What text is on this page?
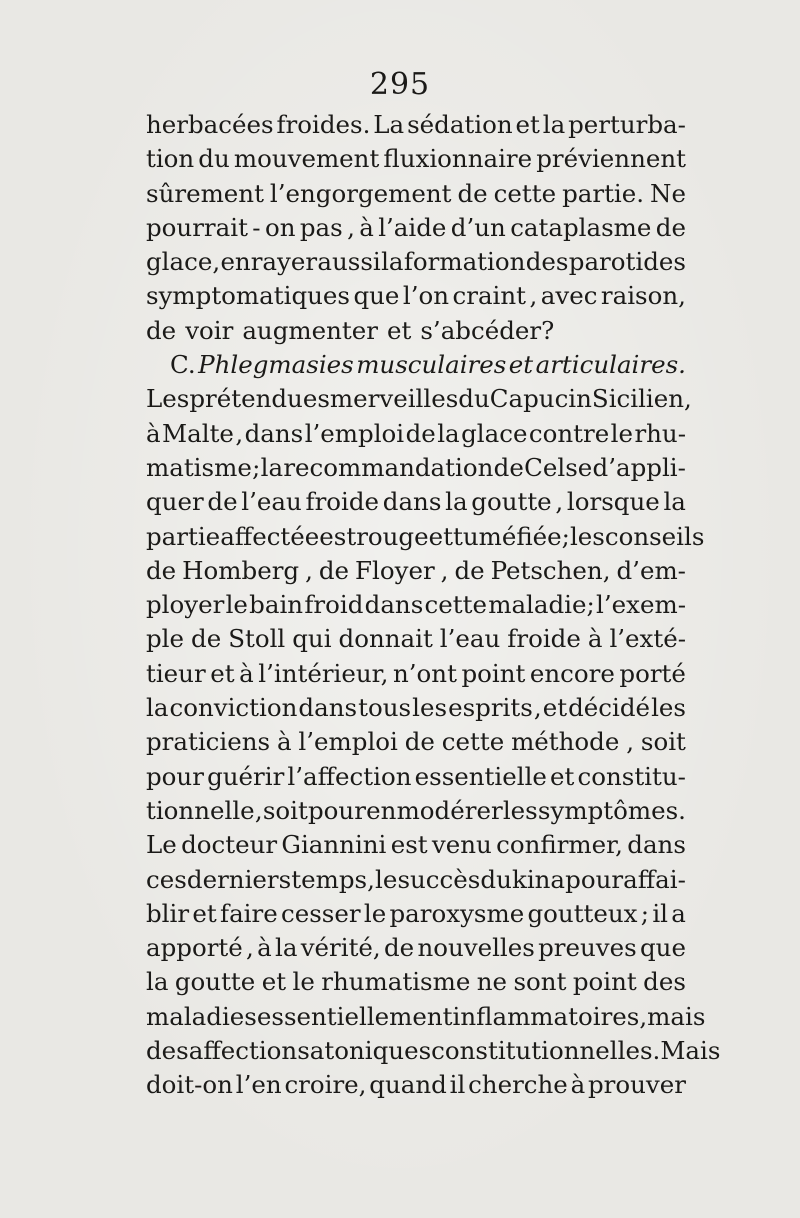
295
herbacées froides. La sédation et la perturba-
tion du mouvement fluxionnaire préviennent
sûrement l’engorgement de cette partie. Ne
pourrait - on pas , à l’aide d’un cataplasme de
glace, enrayer aussi la formation des parotides
symptomatiques que l’on craint , avec raison,
de voir augmenter et s’abcéder?
C. Phlegmasies musculaires et articulaires.
Les prétendues merveilles du Capucin Sicilien,
à Malte , dans l’emploi de la glace contre le rhu-
matisme ; la recommandation de Celse d’appli-
quer de l’eau froide dans la goutte , lorsque la
partie affectée est rouge et tuméfiée; les conseils
de Homberg , de Floyer , de Petschen, d’em-
ployer le bain froid dans cette maladie; l’exem-
ple de Stoll qui donnait l’eau froide à l’exté-
tieur et à l’intérieur, n’ont point encore porté
la conviction dans tous les esprits , et décidé les
praticiens à l’emploi de cette méthode , soit
pour guérir l’affection essentielle et constitu-
tionnelle , soit pour en modérer les symptômes.
Le docteur Giannini est venu confirmer, dans
ces derniers temps, le succès du kina pour affai-
blir et faire cesser le paroxysme goutteux ; il a
apporté , à la vérité, de nouvelles preuves que
la goutte et le rhumatisme ne sont point des
maladies essentiellement inflammatoires , mais
des affections atoniques constitutionnelles. Mais
doit-on l’en croire, quand il cherche à prouver
